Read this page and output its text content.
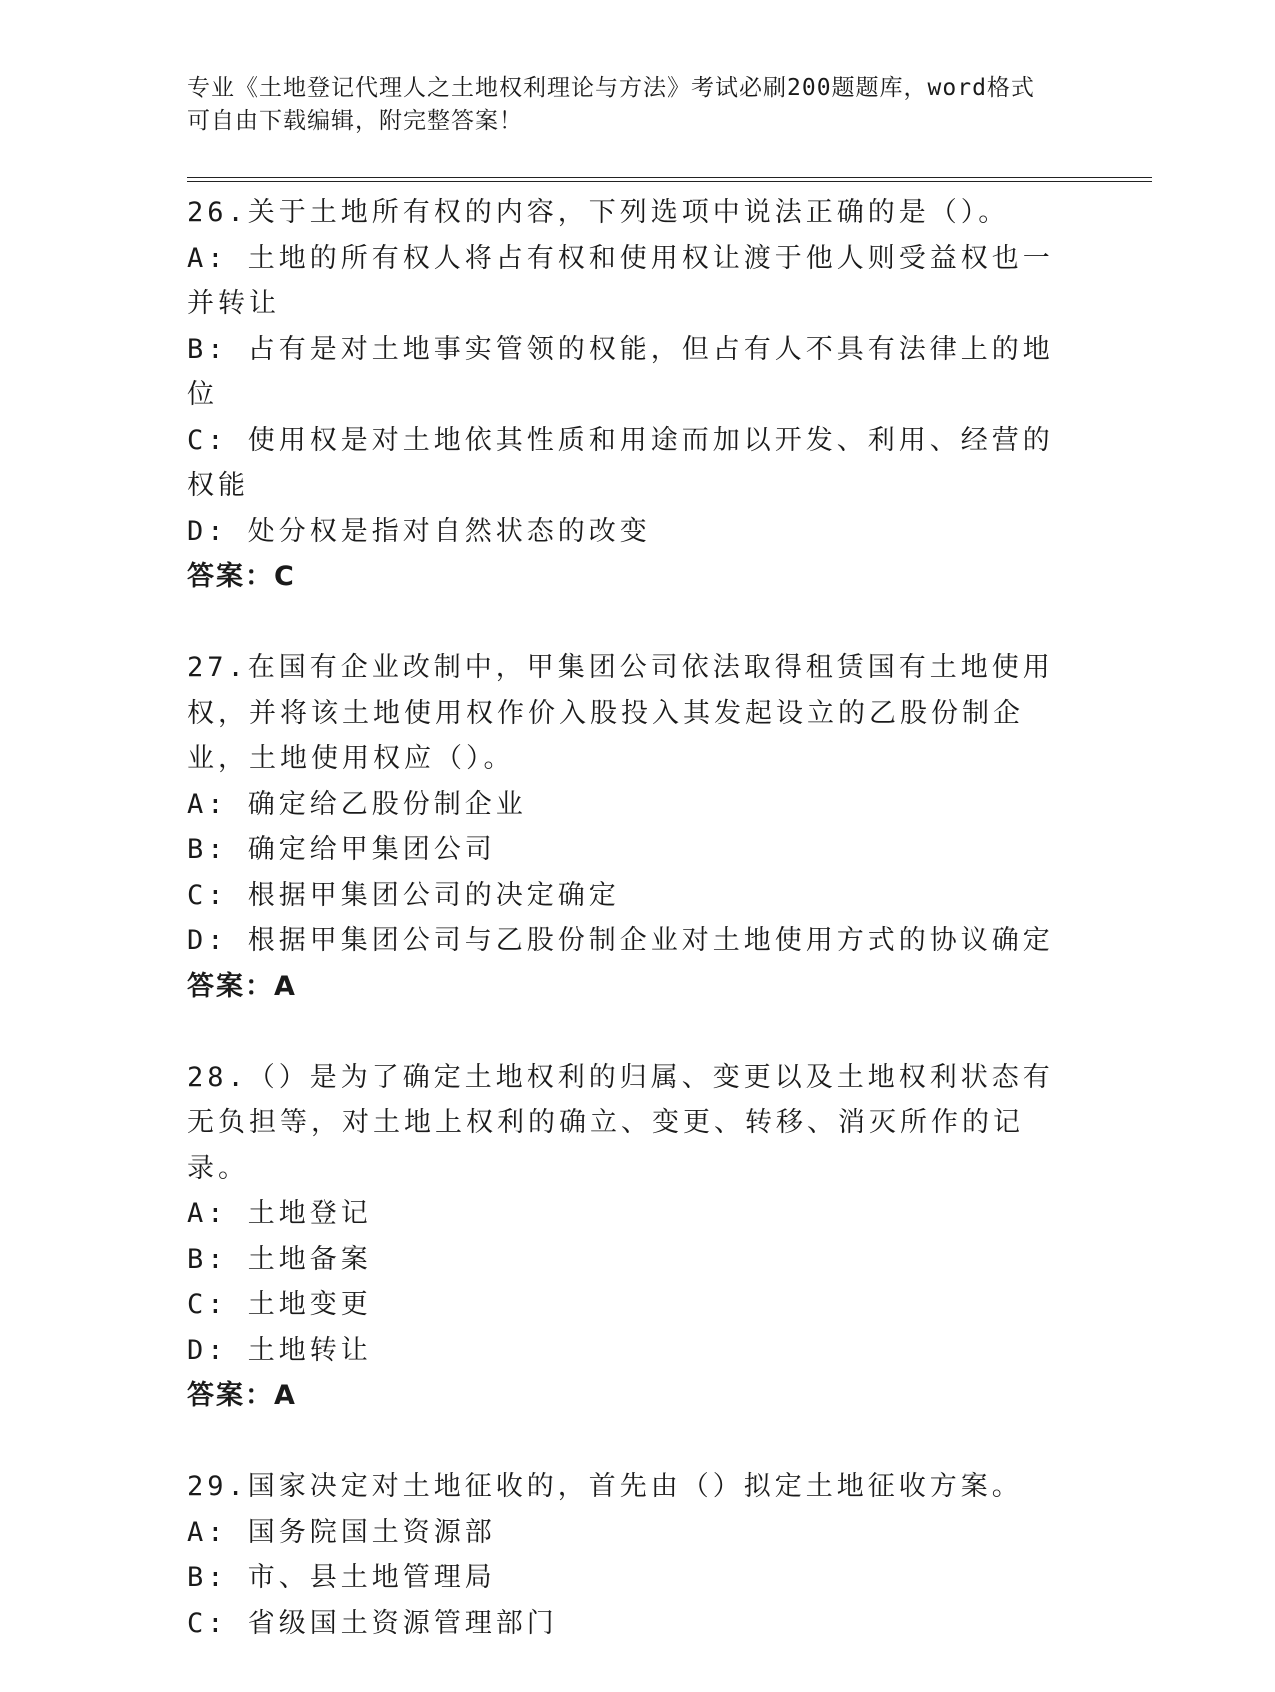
专业《土地登记代理人之土地权利理论与方法》考试必刷200题题库，word格式
可自由下载编辑，附完整答案！
26.关于土地所有权的内容，下列选项中说法正确的是（）。
A: 土地的所有权人将占有权和使用权让渡于他人则受益权也一并转让
B: 占有是对土地事实管领的权能，但占有人不具有法律上的地位
C: 使用权是对土地依其性质和用途而加以开发、利用、经营的权能
D: 处分权是指对自然状态的改变
答案：C
27.在国有企业改制中，甲集团公司依法取得租赁国有土地使用权，并将该土地使用权作价入股投入其发起设立的乙股份制企业，土地使用权应（）。
A: 确定给乙股份制企业
B: 确定给甲集团公司
C: 根据甲集团公司的决定确定
D: 根据甲集团公司与乙股份制企业对土地使用方式的协议确定
答案：A
28.（）是为了确定土地权利的归属、变更以及土地权利状态有无负担等，对土地上权利的确立、变更、转移、消灭所作的记录。
A: 土地登记
B: 土地备案
C: 土地变更
D: 土地转让
答案：A
29.国家决定对土地征收的，首先由（）拟定土地征收方案。
A: 国务院国土资源部
B: 市、县土地管理局
C: 省级国土资源管理部门
